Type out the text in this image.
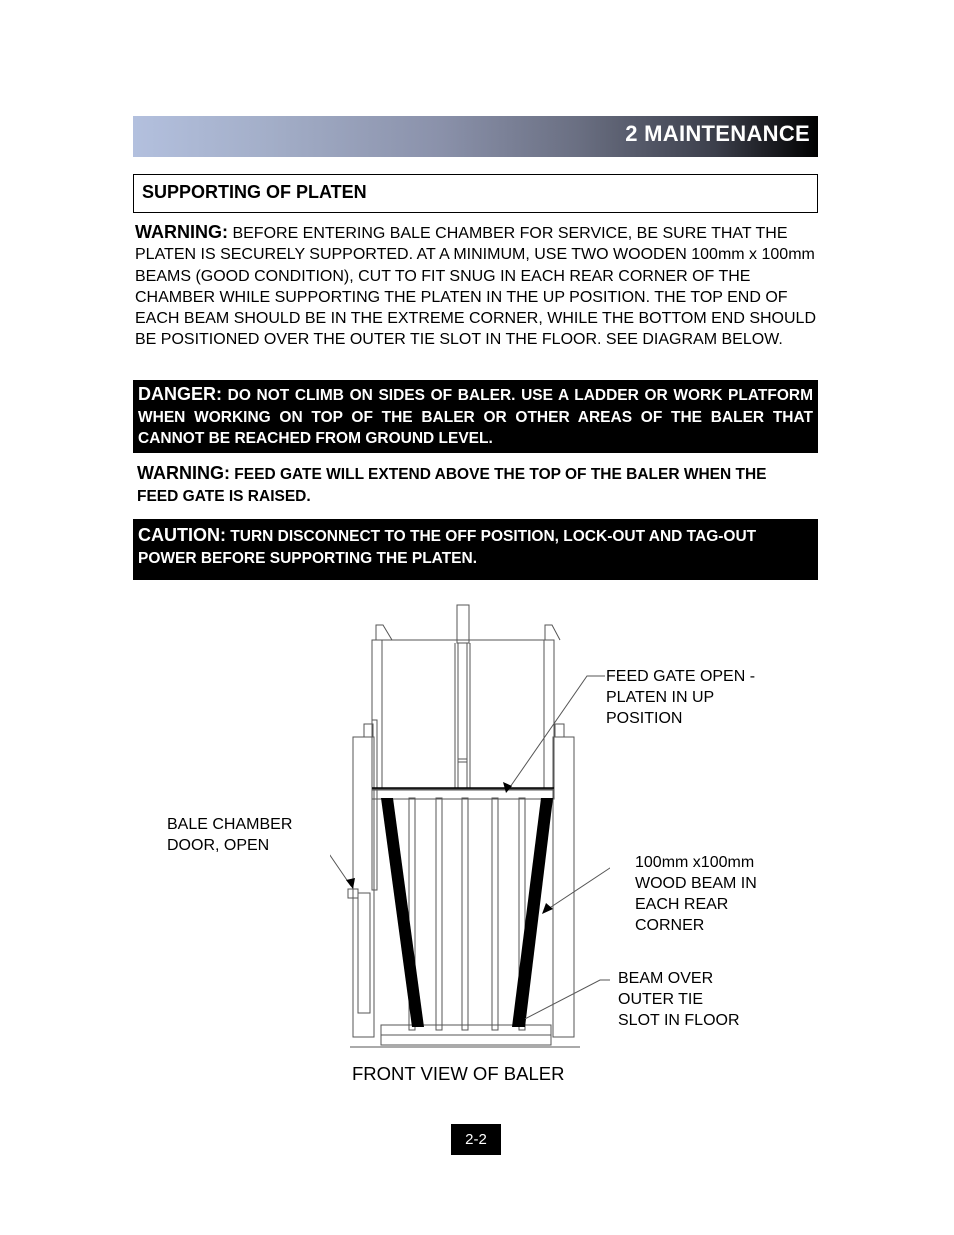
2 MAINTENANCE
SUPPORTING OF PLATEN
WARNING: BEFORE ENTERING BALE CHAMBER FOR SERVICE, BE SURE THAT THE PLATEN IS SECURELY SUPPORTED. AT A MINIMUM, USE TWO WOODEN 100mm x 100mm BEAMS (GOOD CONDITION), CUT TO FIT SNUG IN EACH REAR CORNER OF THE CHAMBER WHILE SUPPORTING THE PLATEN IN THE UP POSITION. THE TOP END OF EACH BEAM SHOULD BE IN THE EXTREME CORNER, WHILE THE BOTTOM END SHOULD BE POSITIONED OVER THE OUTER TIE SLOT IN THE FLOOR. SEE DIAGRAM BELOW.
DANGER: DO NOT CLIMB ON SIDES OF BALER. USE A LADDER OR WORK PLATFORM WHEN WORKING ON TOP OF THE BALER OR OTHER AREAS OF THE BALER THAT CANNOT BE REACHED FROM GROUND LEVEL.
WARNING: FEED GATE WILL EXTEND ABOVE THE TOP OF THE BALER WHEN THE FEED GATE IS RAISED.
CAUTION: TURN DISCONNECT TO THE OFF POSITION, LOCK-OUT AND TAG-OUT POWER BEFORE SUPPORTING THE PLATEN.
FEED GATE OPEN -
PLATEN IN UP
POSITION
BALE CHAMBER
DOOR, OPEN
100mm x100mm
WOOD BEAM IN
EACH REAR
CORNER
BEAM OVER
OUTER TIE
SLOT IN FLOOR
FRONT VIEW OF BALER
2-2
